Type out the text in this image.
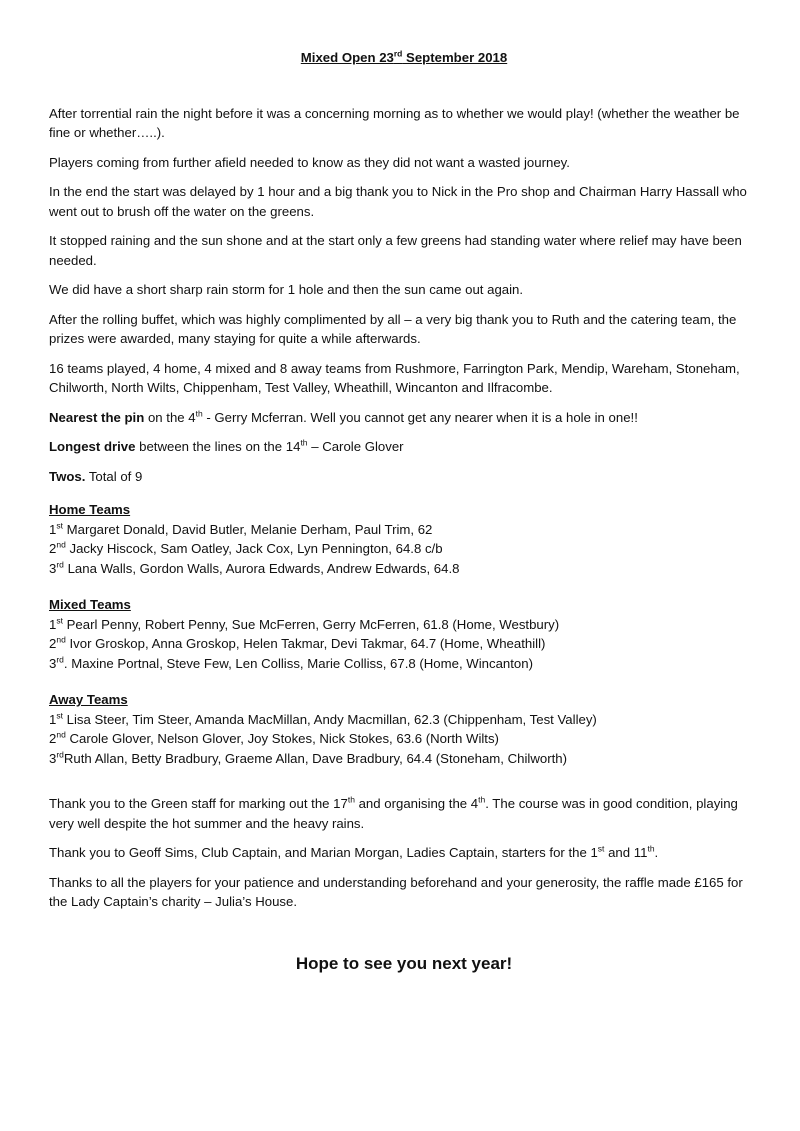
Mixed Open 23rd September 2018

After torrential rain the night before it was a concerning morning as to whether we would play! (whether the weather be fine or whether…..).

Players coming from further afield needed to know as they did not want a wasted journey.

In the end the start was delayed by 1 hour and a big thank you to Nick in the Pro shop and Chairman Harry Hassall who went out to brush off the water on the greens.

It stopped raining and the sun shone and at the start only a few greens had standing water where relief may have been needed.

We did have a short sharp rain storm for 1 hole and then the sun came out again.

After the rolling buffet, which was highly complimented by all – a very big thank you to Ruth and the catering team, the prizes were awarded, many staying for quite a while afterwards.

16 teams played, 4 home, 4 mixed and 8 away teams from Rushmore, Farrington Park, Mendip, Wareham, Stoneham, Chilworth, North Wilts, Chippenham, Test Valley, Wheathill, Wincanton and Ilfracombe.

Nearest the pin on the 4th - Gerry Mcferran. Well you cannot get any nearer when it is a hole in one!!

Longest drive between the lines on the 14th – Carole Glover

Twos. Total of 9

Home Teams
1st Margaret Donald, David Butler, Melanie Derham, Paul Trim, 62
2nd Jacky Hiscock, Sam Oatley, Jack Cox, Lyn Pennington, 64.8 c/b
3rd Lana Walls, Gordon Walls, Aurora Edwards, Andrew Edwards, 64.8
Mixed Teams
1st Pearl Penny, Robert Penny, Sue McFerren, Gerry McFerren, 61.8 (Home, Westbury)
2nd Ivor Groskop, Anna Groskop, Helen Takmar, Devi Takmar, 64.7 (Home, Wheathill)
3rd. Maxine Portnal, Steve Few, Len Colliss, Marie Colliss, 67.8 (Home, Wincanton)
Away Teams
1st Lisa Steer, Tim Steer, Amanda MacMillan, Andy Macmillan, 62.3 (Chippenham, Test Valley)
2nd Carole Glover, Nelson Glover, Joy Stokes, Nick Stokes, 63.6 (North Wilts)
3rdRuth Allan, Betty Bradbury, Graeme Allan, Dave Bradbury, 64.4 (Stoneham, Chilworth)

Thank you to the Green staff for marking out the 17th and organising the 4th. The course was in good condition, playing very well despite the hot summer and the heavy rains.

Thank you to Geoff Sims, Club Captain, and Marian Morgan, Ladies Captain, starters for the 1st and 11th.

Thanks to all the players for your patience and understanding beforehand and your generosity, the raffle made £165 for the Lady Captain’s charity – Julia’s House.

Hope to see you next year!
